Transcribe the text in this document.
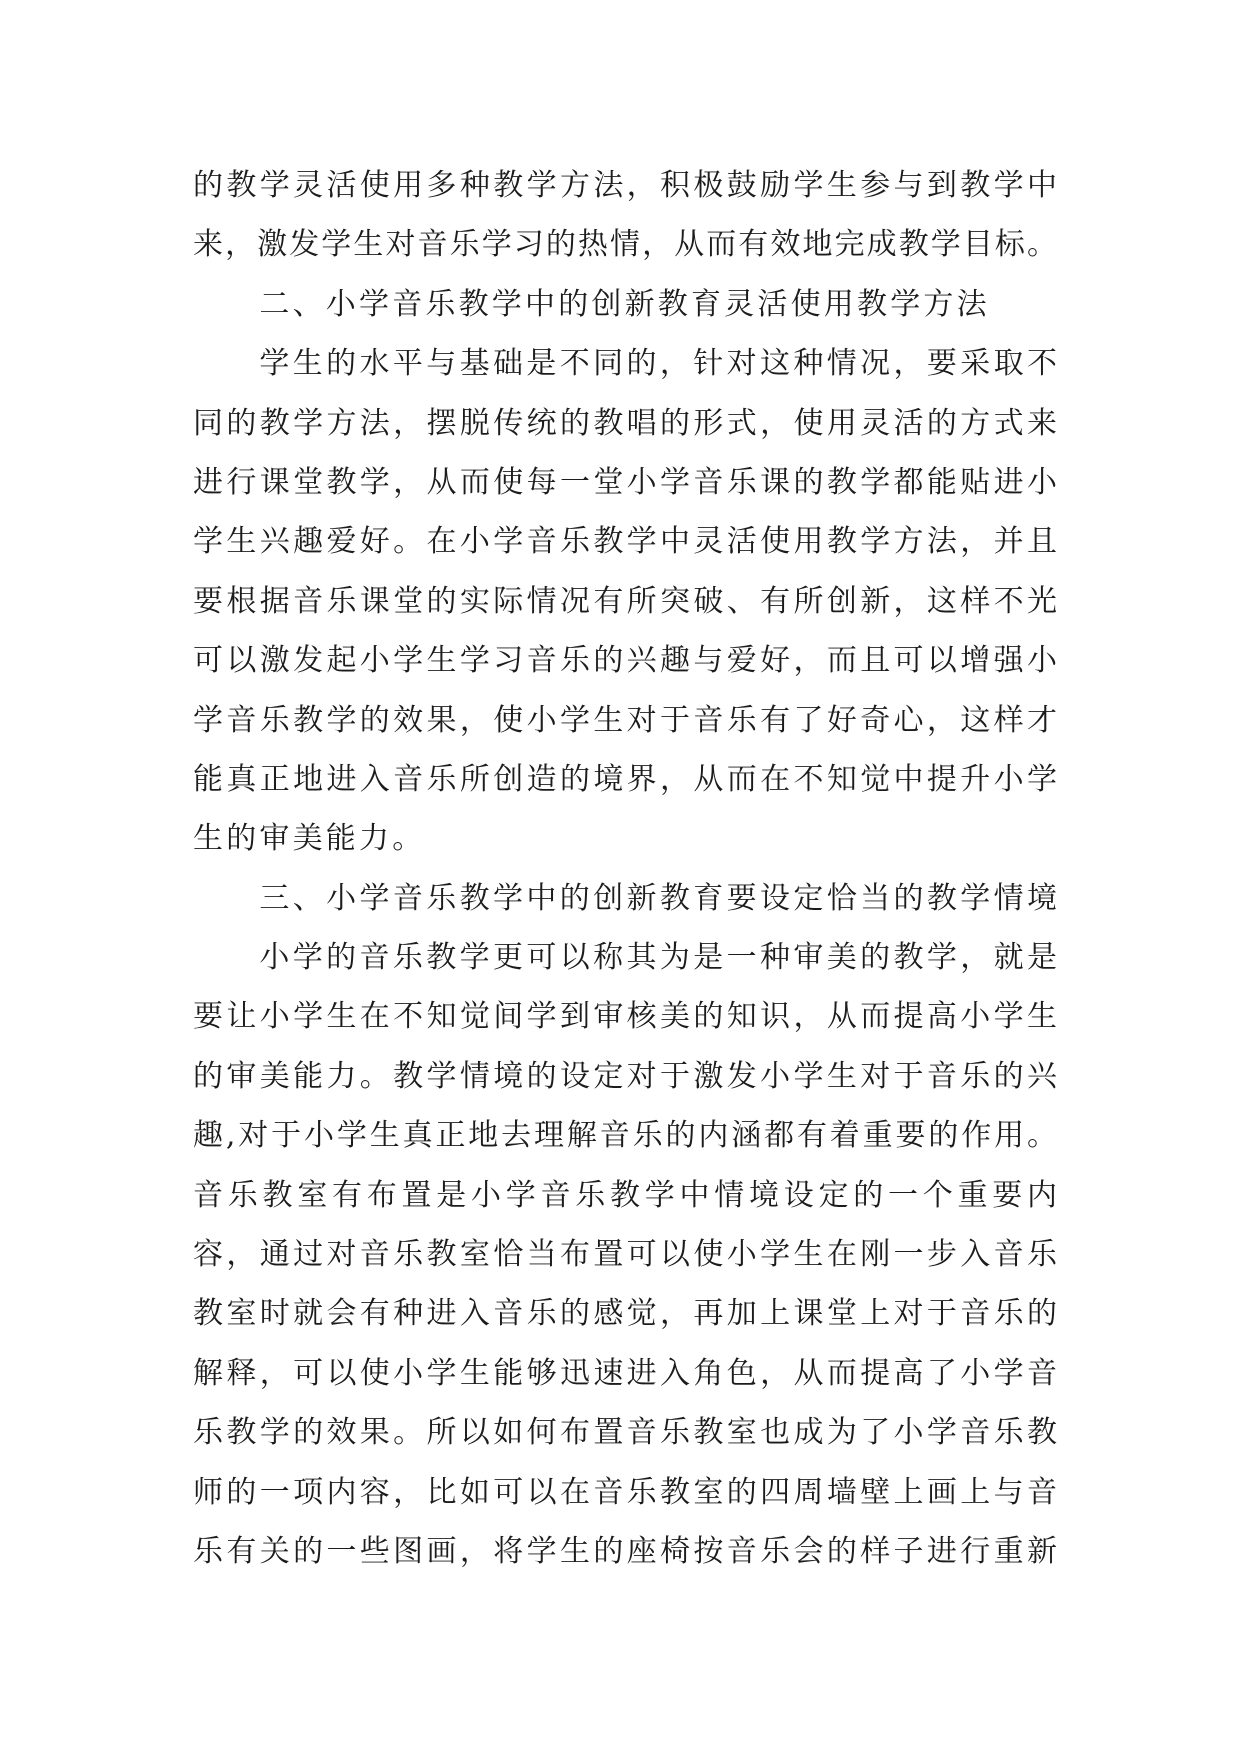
的教学灵活使用多种教学方法，积极鼓励学生参与到教学中
来，激发学生对音乐学习的热情，从而有效地完成教学目标。
二、小学音乐教学中的创新教育灵活使用教学方法
学生的水平与基础是不同的，针对这种情况，要采取不
同的教学方法，摆脱传统的教唱的形式，使用灵活的方式来
进行课堂教学，从而使每一堂小学音乐课的教学都能贴进小
学生兴趣爱好。在小学音乐教学中灵活使用教学方法，并且
要根据音乐课堂的实际情况有所突破、有所创新，这样不光
可以激发起小学生学习音乐的兴趣与爱好，而且可以增强小
学音乐教学的效果，使小学生对于音乐有了好奇心，这样才
能真正地进入音乐所创造的境界，从而在不知觉中提升小学
生的审美能力。
三、小学音乐教学中的创新教育要设定恰当的教学情境
小学的音乐教学更可以称其为是一种审美的教学，就是
要让小学生在不知觉间学到审核美的知识，从而提高小学生
的审美能力。教学情境的设定对于激发小学生对于音乐的兴
趣,对于小学生真正地去理解音乐的内涵都有着重要的作用。
音乐教室有布置是小学音乐教学中情境设定的一个重要内
容，通过对音乐教室恰当布置可以使小学生在刚一步入音乐
教室时就会有种进入音乐的感觉，再加上课堂上对于音乐的
解释，可以使小学生能够迅速进入角色，从而提高了小学音
乐教学的效果。所以如何布置音乐教室也成为了小学音乐教
师的一项内容，比如可以在音乐教室的四周墙壁上画上与音
乐有关的一些图画，将学生的座椅按音乐会的样子进行重新
